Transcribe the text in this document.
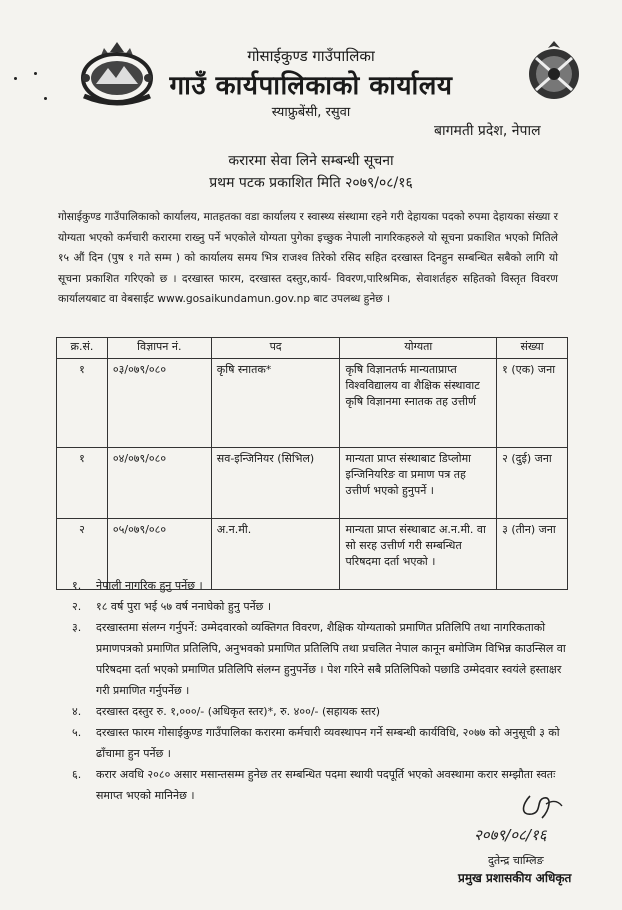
गोसाईकुण्ड गाउँपालिका
गाउँ कार्यपालिकाको कार्यालय
स्याफ्रुबेंसी, रसुवा
बागमती प्रदेश, नेपाल
करारमा सेवा लिने सम्बन्धी सूचना
प्रथम पटक प्रकाशित मिति २०७९/०८/१६
गोसाईकुण्ड गाउँपालिकाको कार्यालय, मातहतका वडा कार्यालय र स्वास्थ्य संस्थामा रहने गरी देहायका पदको रुपमा देहायका संख्या र योग्यता भएको कर्मचारी करारमा राख्नु पर्ने भएकोले योग्यता पुगेका इच्छुक नेपाली नागरिकहरुले यो सूचना प्रकाशित भएको मितिले १५ औं दिन (पुष १ गते सम्म ) को कार्यालय समय भित्र राजश्व तिरेको रसिद सहित दरखास्त दिनहुन सम्बन्धित सबैको लागि यो सूचना प्रकाशित गरिएको छ । दरखास्त फारम, दरखास्त दस्तुर,कार्य- विवरण,पारिश्रमिक, सेवाशर्तहरु सहितको विस्तृत विवरण कार्यालयबाट वा वेबसाईट www.gosaikundamun.gov.np बाट उपलब्ध हुनेछ ।
क्र.सं.	विज्ञापन नं.	पद	योग्यता	संख्या
१	०३/०७९/०८०	कृषि स्नातक*	कृषि विज्ञानतर्फ मान्यताप्राप्त विश्वविद्यालय वा शैक्षिक संस्थावाट कृषि विज्ञानमा स्नातक तह उत्तीर्ण	१ (एक) जना
१	०४/०७९/०८०	सव-इन्जिनियर (सिभिल)	मान्यता प्राप्त संस्थाबाट डिप्लोमा इन्जिनियरिङ वा प्रमाण पत्र तह उत्तीर्ण भएको हुनुपर्ने ।	२ (दुई) जना
२	०५/०७९/०८०	अ.न.मी.	मान्यता प्राप्त संस्थाबाट अ.न.मी. वा सो सरह उत्तीर्ण गरी सम्बन्धित परिषदमा दर्ता भएको ।	३ (तीन) जना
१. नेपाली नागरिक हुनु पर्नेछ ।
२. १८ वर्ष पुरा भई ५७ वर्ष ननाघेको हुनु पर्नेछ ।
३. दरखास्तमा संलग्न गर्नुपर्ने: उम्मेदवारको व्यक्तिगत विवरण, शैक्षिक योग्यताको प्रमाणित प्रतिलिपि तथा नागरिकताको प्रमाणपत्रको प्रमाणित प्रतिलिपि, अनुभवको प्रमाणित प्रतिलिपि तथा प्रचलित नेपाल कानून बमोजिम विभिन्न काउन्सिल वा परिषदमा दर्ता भएको प्रमाणित प्रतिलिपि संलग्न हुनुपर्नेछ । पेश गरिने सबै प्रतिलिपिको पछाडि उम्मेदवार स्वयंले हस्ताक्षर गरी प्रमाणित गर्नुपर्नेछ ।
४. दरखास्त दस्तुर रु. १,०००/- (अधिकृत स्तर)*, रु. ४००/- (सहायक स्तर)
५. दरखास्त फारम गोसाईकुण्ड गाउँपालिका करारमा कर्मचारी व्यवस्थापन गर्ने सम्बन्धी कार्यविधि, २०७७ को अनुसूची ३ को ढाँचामा हुन पर्नेछ ।
६. करार अवधि २०८० असार मसान्तसम्म हुनेछ तर सम्बन्धित पदमा स्थायी पदपूर्ति भएको अवस्थामा करार सम्झौता स्वतः समाप्त भएको मानिनेछ ।
२०७९/०८/१६
दुतेन्द्र चाम्लिङ
प्रमुख प्रशासकीय अधिकृत
